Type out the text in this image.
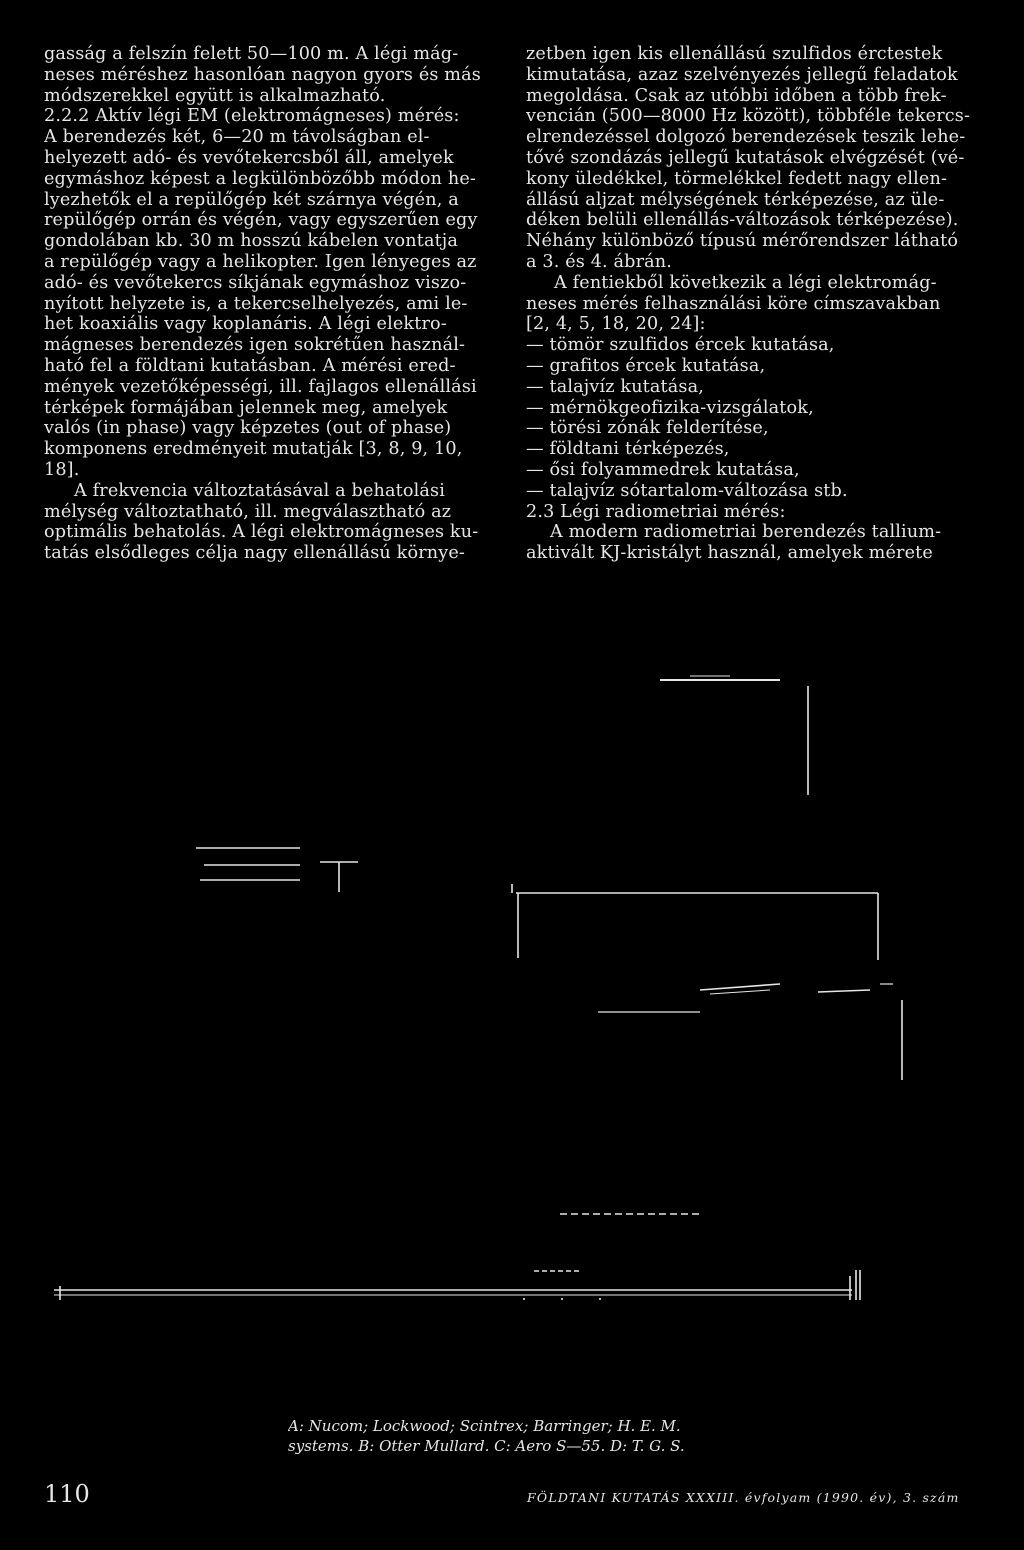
gasság a felszín felett 50—100 m. A légi mág-
neses méréshez hasonlóan nagyon gyors és más
módszerekkel együtt is alkalmazható.
2.2.2 Aktív légi EM (elektromágneses) mérés:
A berendezés két, 6—20 m távolságban el-
helyezett adó- és vevőtekercsből áll, amelyek
egymáshoz képest a legkülönbözőbb módon he-
lyezhetők el a repülőgép két szárnya végén, a
repülőgép orrán és végén, vagy egyszerűen egy
gondolában kb. 30 m hosszú kábelen vontatja
a repülőgép vagy a helikopter. Igen lényeges az
adó- és vevőtekercs síkjának egymáshoz viszo-
nyított helyzete is, a tekercselhelyezés, ami le-
het koaxiális vagy koplanáris. A légi elektro-
mágneses berendezés igen sokrétűen használ-
ható fel a földtani kutatásban. A mérési ered-
mények vezetőképességi, ill. fajlagos ellenállási
térképek formájában jelennek meg, amelyek
valós (in phase) vagy képzetes (out of phase)
komponens eredményeit mutatják [3, 8, 9, 10,
18].
A frekvencia változtatásával a behatolási
mélység változtatható, ill. megválasztható az
optimális behatolás. A légi elektromágneses ku-
tatás elsődleges célja nagy ellenállású környe-
zetben igen kis ellenállású szulfidos érctestek
kimutatása, azaz szelvényezés jellegű feladatok
megoldása. Csak az utóbbi időben a több frek-
vencián (500—8000 Hz között), többféle tekercs-
elrendezéssel dolgozó berendezések teszik lehe-
tővé szondázás jellegű kutatások elvégzését (vé-
kony üledékkel, törmelékkel fedett nagy ellen-
állású aljzat mélységének térképezése, az üle-
déken belüli ellenállás-változások térképezése).
Néhány különböző típusú mérőrendszer látható
a 3. és 4. ábrán.
A fentiekből következik a légi elektromág-
neses mérés felhasználási köre címszavakban
[2, 4, 5, 18, 20, 24]:
— tömör szulfidos ércek kutatása,
— grafitos ércek kutatása,
— talajvíz kutatása,
— mérnökgeofizika-vizsgálatok,
— törési zónák felderítése,
— földtani térképezés,
— ősi folyammedrek kutatása,
— talajvíz sótartalom-változása stb.
2.3 Légi radiometriai mérés:
A modern radiometriai berendezés tallium-
aktivált KJ-kristályt használ, amelyek mérete
A: Nucom; Lockwood; Scintrex; Barringer; H. E. M.
systems. B: Otter Mullard. C: Aero S—55. D: T. G. S.
110	FÖLDTANI KUTATÁS XXXIII. évfolyam (1990. év), 3. szám
